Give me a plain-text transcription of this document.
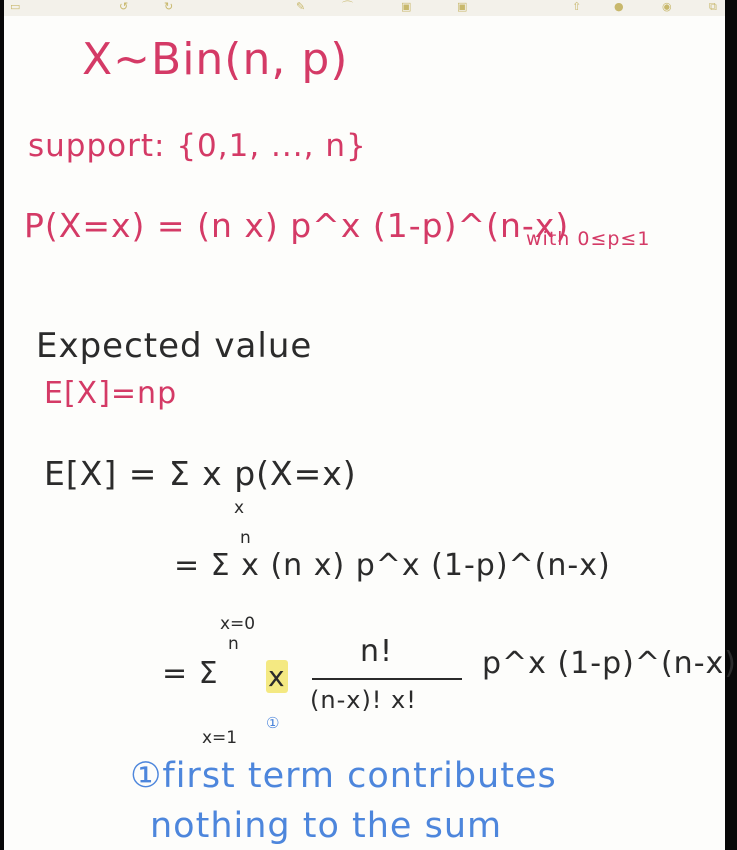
▭	↺	↻	✎	⌒	▣	▣	⇧	●	◉	⧉
X~Bin(n, p)
support: {0,1, ..., n}
P(X=x) = (n x) p^x (1-p)^(n-x)
with 0≤p≤1
Expected value
E[X]=np
E[X] = Σ x p(X=x)
x
n
= Σ x (n x) p^x (1-p)^(n-x)
x=0
n
= Σ x
n!
(n-x)! x!
p^x (1-p)^(n-x)
x=1
①
①first term contributes
nothing to the sum
